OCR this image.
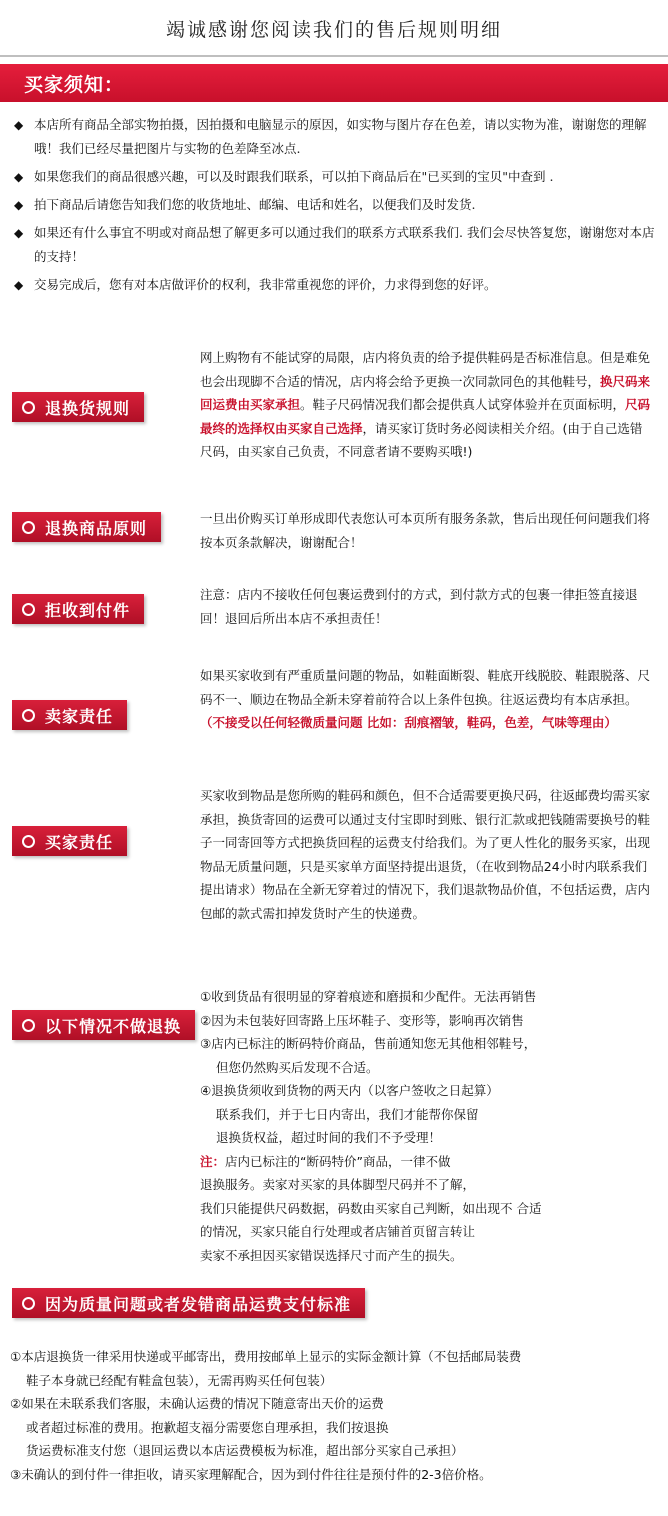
竭诚感谢您阅读我们的售后规则明细
买家须知：
◆ 本店所有商品全部实物拍摄，因拍摄和电脑显示的原因，如实物与图片存在色差，请以实物为准，谢谢您的理解哦！我们已经尽量把图片与实物的色差降至冰点.
◆ 如果您我们的商品很感兴趣，可以及时跟我们联系，可以拍下商品后在"已买到的宝贝"中查到 .
◆ 拍下商品后请您告知我们您的收货地址、邮编、电话和姓名，以便我们及时发货.
◆ 如果还有什么事宜不明或对商品想了解更多可以通过我们的联系方式联系我们. 我们会尽快答复您，谢谢您对本店的支持！
◆ 交易完成后，您有对本店做评价的权利，我非常重视您的评价，力求得到您的好评。
退换货规则
网上购物有不能试穿的局限，店内将负责的给予提供鞋码是否标准信息。但是难免也会出现脚不合适的情况，店内将会给予更换一次同款同色的其他鞋号，换尺码来回运费由买家承担。鞋子尺码情况我们都会提供真人试穿体验并在页面标明，尺码最终的选择权由买家自己选择，请买家订货时务必阅读相关介绍。(由于自己选错尺码，由买家自己负责，不同意者请不要购买哦!)
退换商品原则	一旦出价购买订单形成即代表您认可本页所有服务条款，售后出现任何问题我们将按本页条款解决，谢谢配合！
拒收到付件
注意：店内不接收任何包裹运费到付的方式，到付款方式的包裹一律拒签直接退回！退回后所出本店不承担责任！
卖家责任
如果买家收到有严重质量问题的物品，如鞋面断裂、鞋底开线脱胶、鞋跟脱落、尺码不一、顺边在物品全新未穿着前符合以上条件包换。往返运费均有本店承担。（不接受以任何轻微质量问题 比如：刮痕褶皱，鞋码，色差，气味等理由）
买家责任
买家收到物品是您所购的鞋码和颜色，但不合适需要更换尺码，往返邮费均需买家承担，换货寄回的运费可以通过支付宝即时到账、银行汇款或把钱随需要换号的鞋子一同寄回等方式把换货回程的运费支付给我们。为了更人性化的服务买家，出现物品无质量问题，只是买家单方面坚持提出退货，（在收到物品24小时内联系我们提出请求）物品在全新无穿着过的情况下，我们退款物品价值，不包括运费，店内包邮的款式需扣掉发货时产生的快递费。
以下情况不做退换
①收到货品有很明显的穿着痕迹和磨损和少配件。无法再销售
②因为未包装好回寄路上压坏鞋子、变形等，影响再次销售
③店内已标注的断码特价商品，售前通知您无其他相邻鞋号，
但您仍然购买后发现不合适。
④退换货须收到货物的两天内（以客户签收之日起算）
联系我们，并于七日内寄出，我们才能帮你保留
退换货权益，超过时间的我们不予受理！
注：店内已标注的“断码特价”商品，一律不做
退换服务。卖家对买家的具体脚型尺码并不了解，
我们只能提供尺码数据，码数由买家自己判断，如出现不 合适
的情况，买家只能自行处理或者店铺首页留言转让
卖家不承担因买家错误选择尺寸而产生的损失。
因为质量问题或者发错商品运费支付标准
①本店退换货一律采用快递或平邮寄出，费用按邮单上显示的实际金额计算（不包括邮局装费
鞋子本身就已经配有鞋盒包装），无需再购买任何包装）
②如果在未联系我们客服，未确认运费的情况下随意寄出天价的运费
或者超过标准的费用。抱歉超支福分需要您自理承担，我们按退换
货运费标准支付您（退回运费以本店运费模板为标准，超出部分买家自己承担）
③未确认的到付件一律拒收，请买家理解配合，因为到付件往往是预付件的2-3倍价格。
